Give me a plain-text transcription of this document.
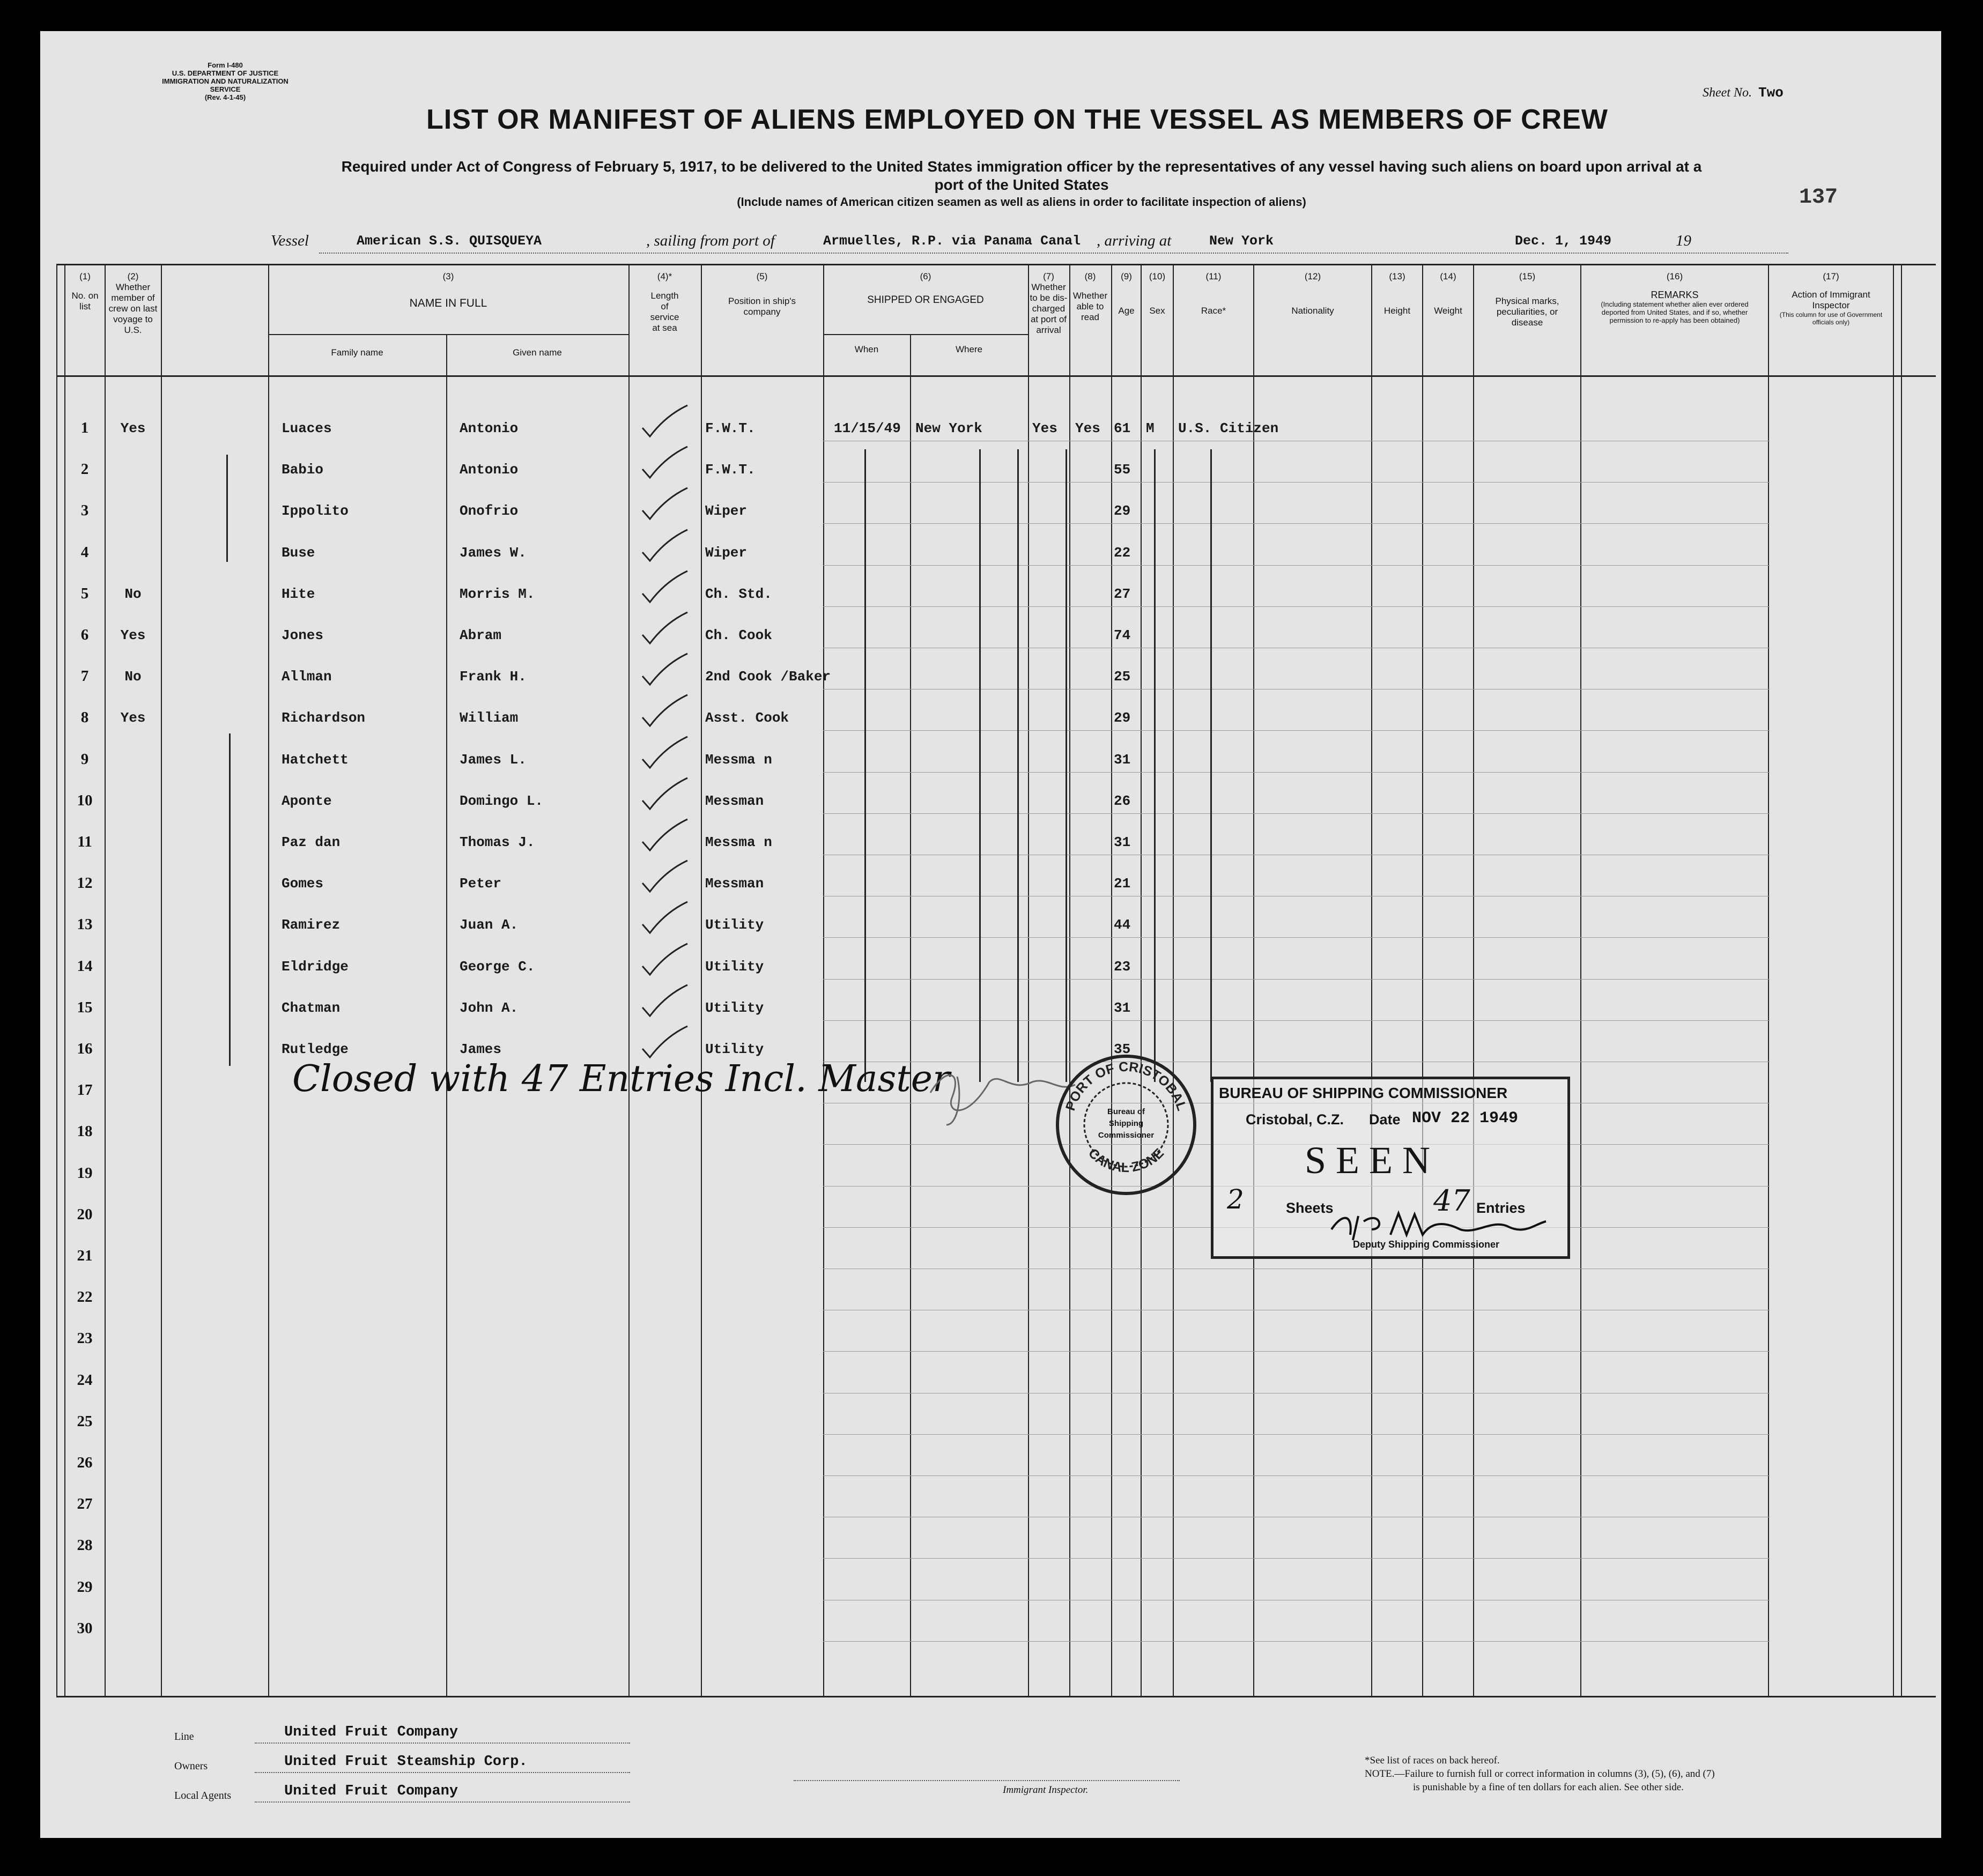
Form I-480
U.S. DEPARTMENT OF JUSTICE
IMMIGRATION AND NATURALIZATION SERVICE
(Rev. 4-1-45)	Sheet No. Two
137
LIST OR MANIFEST OF ALIENS EMPLOYED ON THE VESSEL AS MEMBERS OF CREW
Required under Act of Congress of February 5, 1917, to be delivered to the United States immigration officer by the representatives of any vessel having such aliens on board upon arrival at a
port of the United States
(Include names of American citizen seamen as well as aliens in order to facilitate inspection of aliens)
Vessel	American S.S. QUISQUEYA	, sailing from port of	Armuelles, R.P. via Panama Canal , arriving at	New York	Dec. 1, 1949	19
(1)
No. on list
(2)
Whether member of crew on last voyage to U.S.
(3)
NAME IN FULL
Family name	Given name
(4)*
Length of service at sea
(5)
Position in ship's company
(6)
SHIPPED OR ENGAGED
When	Where
(7)
Whether to be dis-charged at port of arrival
(8)
Whether able to read
(9)
Age
(10)
Sex
(11)
Race*
(12)
Nationality
(13)
Height
(14)
Weight
(15)
Physical marks, peculiarities, or disease
(16)
REMARKS
(Including statement whether alien ever ordered deported from United States, and if so, whether permission to re-apply has been obtained)
(17)
Action of Immigrant Inspector
(This column for use of Government officials only)
1	Yes	Luaces	Antonio	F.W.T.	11/15/49 New York	Yes Yes 61 M U.S. Citizen
2	Babio	Antonio	F.W.T.	55
3	Ippolito	Onofrio	Wiper	29
4	Buse	James W.	Wiper	22
5	No	Hite	Morris M.	Ch. Std.	27
6	Yes	Jones	Abram	Ch. Cook	74
7	No	Allman	Frank H.	2nd Cook /Baker	25
8	Yes	Richardson	William	Asst. Cook	29
9	Hatchett	James L.	Messma n	31
10	Aponte	Domingo L.	Messman	26
11	Paz dan	Thomas J.	Messma n	31
12	Gomes	Peter	Messman	21
13	Ramirez	Juan A.	Utility	44
14	Eldridge	George C.	Utility	23
15	Chatman	John A.	Utility	31
16	Rutledge	James	Utility	35
17
18
19
20
21
22
23
24
25
26
27
28
29
30
Closed with 47 Entries Incl. Master
PORT OF CRISTOBAL
CANAL ZONE
Bureau of Shipping Commissioner
BUREAU OF SHIPPING COMMISSIONER
Cristobal, C.Z. Date NOV 22 1949
SEEN
2	Sheets	47 Entries
Deputy Shipping Commissioner
Line	United Fruit Company
Owners	United Fruit Steamship Corp.
Local Agents	United Fruit Company	Immigrant Inspector.
*See list of races on back hereof.
NOTE.—Failure to furnish full or correct information in columns (3), (5), (6), and (7)
is punishable by a fine of ten dollars for each alien. See other side.
